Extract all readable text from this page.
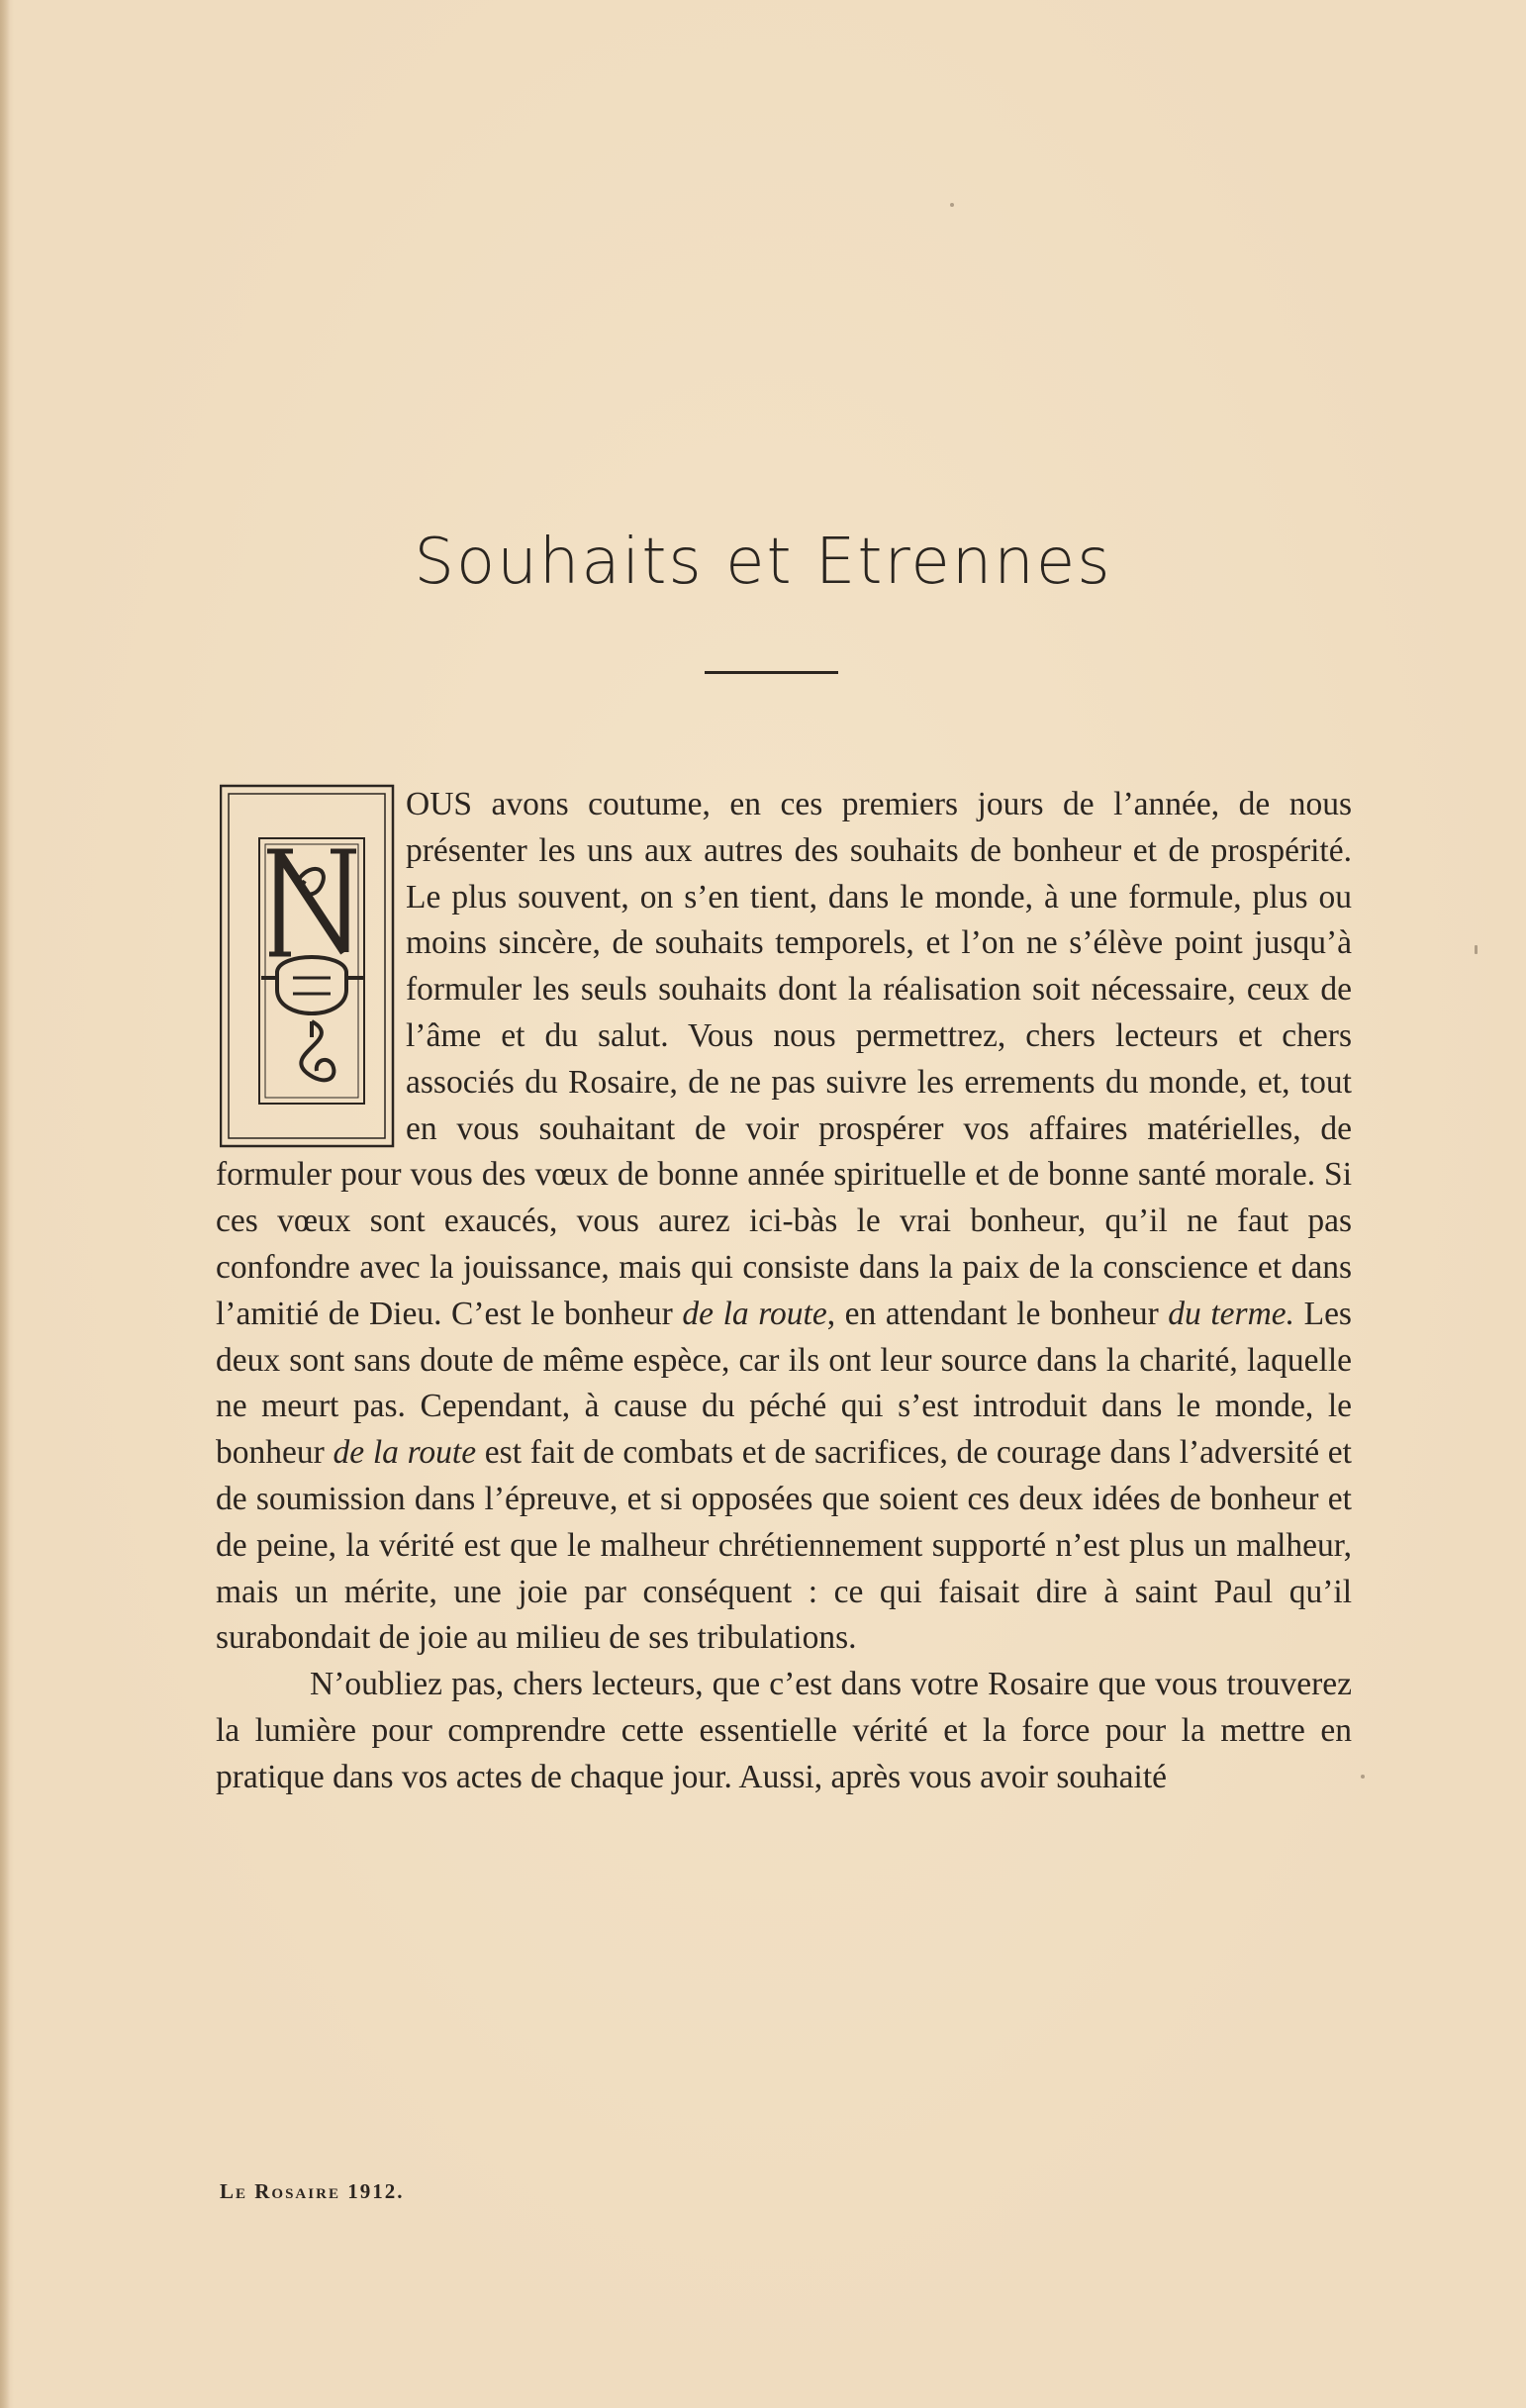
Souhaits et Etrennes

OUS avons coutume, en ces premiers jours de l’année, de nous présenter les uns aux autres des souhaits de bonheur et de prospérité. Le plus souvent, on s’en tient, dans le monde, à une formule, plus ou moins sincère, de souhaits temporels, et l’on ne s’élève point jusqu’à formuler les seuls souhaits dont la réalisation soit nécessaire, ceux de l’âme et du salut. Vous nous permettrez, chers lecteurs et chers associés du Rosaire, de ne pas suivre les errements du monde, et, tout en vous souhaitant de voir prospérer vos affaires matérielles, de formuler pour vous des vœux de bonne année spirituelle et de bonne santé morale. Si ces vœux sont exaucés, vous aurez ici-bàs le vrai bonheur, qu’il ne faut pas confondre avec la jouissance, mais qui consiste dans la paix de la conscience et dans l’amitié de Dieu. C’est le bonheur de la route, en attendant le bonheur du terme. Les deux sont sans doute de même espèce, car ils ont leur source dans la charité, laquelle ne meurt pas. Cependant, à cause du péché qui s’est introduit dans le monde, le bonheur de la route est fait de combats et de sacrifices, de courage dans l’adversité et de soumission dans l’épreuve, et si opposées que soient ces deux idées de bonheur et de peine, la vérité est que le malheur chrétiennement supporté n’est plus un malheur, mais un mérite, une joie par conséquent : ce qui faisait dire à saint Paul qu’il surabondait de joie au milieu de ses tribulations.

N’oubliez pas, chers lecteurs, que c’est dans votre Rosaire que vous trouverez la lumière pour comprendre cette essentielle vérité et la force pour la mettre en pratique dans vos actes de chaque jour. Aussi, après vous avoir souhaité

Le Rosaire 1912.
